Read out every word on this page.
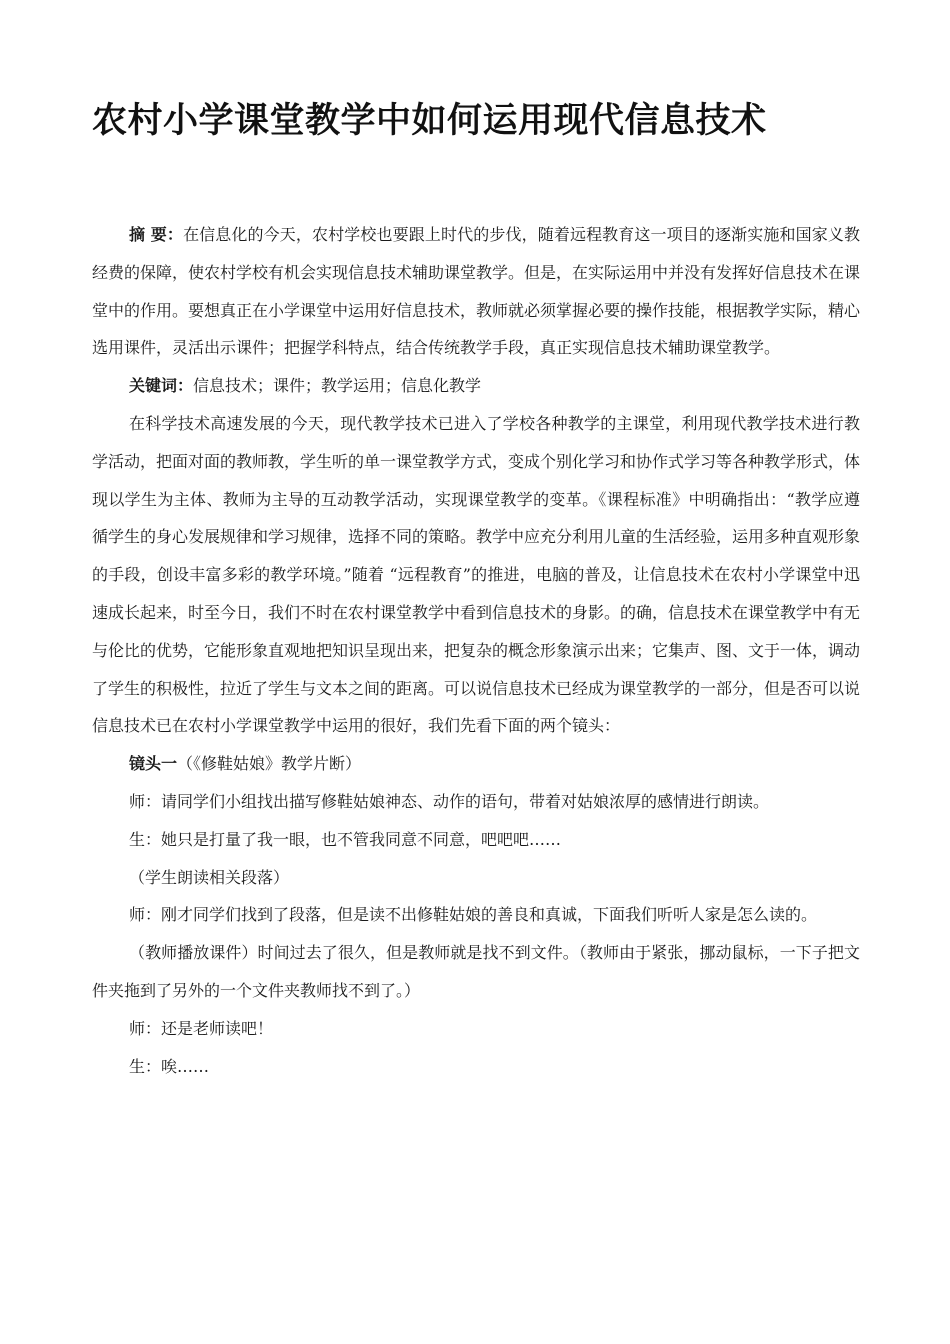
农村小学课堂教学中如何运用现代信息技术

摘 要：在信息化的今天，农村学校也要跟上时代的步伐，随着远程教育这一项目的逐渐实施和国家义教经费的保障，使农村学校有机会实现信息技术辅助课堂教学。但是，在实际运用中并没有发挥好信息技术在课堂中的作用。要想真正在小学课堂中运用好信息技术，教师就必须掌握必要的操作技能，根据教学实际，精心选用课件，灵活出示课件；把握学科特点，结合传统教学手段，真正实现信息技术辅助课堂教学。

关键词：信息技术；课件；教学运用；信息化教学

在科学技术高速发展的今天，现代教学技术已进入了学校各种教学的主课堂，利用现代教学技术进行教学活动，把面对面的教师教，学生听的单一课堂教学方式，变成个别化学习和协作式学习等各种教学形式，体现以学生为主体、教师为主导的互动教学活动，实现课堂教学的变革。《课程标准》中明确指出：“教学应遵循学生的身心发展规律和学习规律，选择不同的策略。教学中应充分利用儿童的生活经验，运用多种直观形象的手段，创设丰富多彩的教学环境。”随着 “远程教育”的推进，电脑的普及，让信息技术在农村小学课堂中迅速成长起来，时至今日，我们不时在农村课堂教学中看到信息技术的身影。的确，信息技术在课堂教学中有无与伦比的优势，它能形象直观地把知识呈现出来，把复杂的概念形象演示出来；它集声、图、文于一体，调动了学生的积极性，拉近了学生与文本之间的距离。可以说信息技术已经成为课堂教学的一部分，但是否可以说信息技术已在农村小学课堂教学中运用的很好，我们先看下面的两个镜头：

镜头一（《修鞋姑娘》教学片断）

师：请同学们小组找出描写修鞋姑娘神态、动作的语句，带着对姑娘浓厚的感情进行朗读。

生：她只是打量了我一眼，也不管我同意不同意，吧吧吧……

（学生朗读相关段落）

师：刚才同学们找到了段落，但是读不出修鞋姑娘的善良和真诚，下面我们听听人家是怎么读的。

（教师播放课件）时间过去了很久，但是教师就是找不到文件。（教师由于紧张，挪动鼠标，一下子把文件夹拖到了另外的一个文件夹教师找不到了。）

师：还是老师读吧！

生：唉……
